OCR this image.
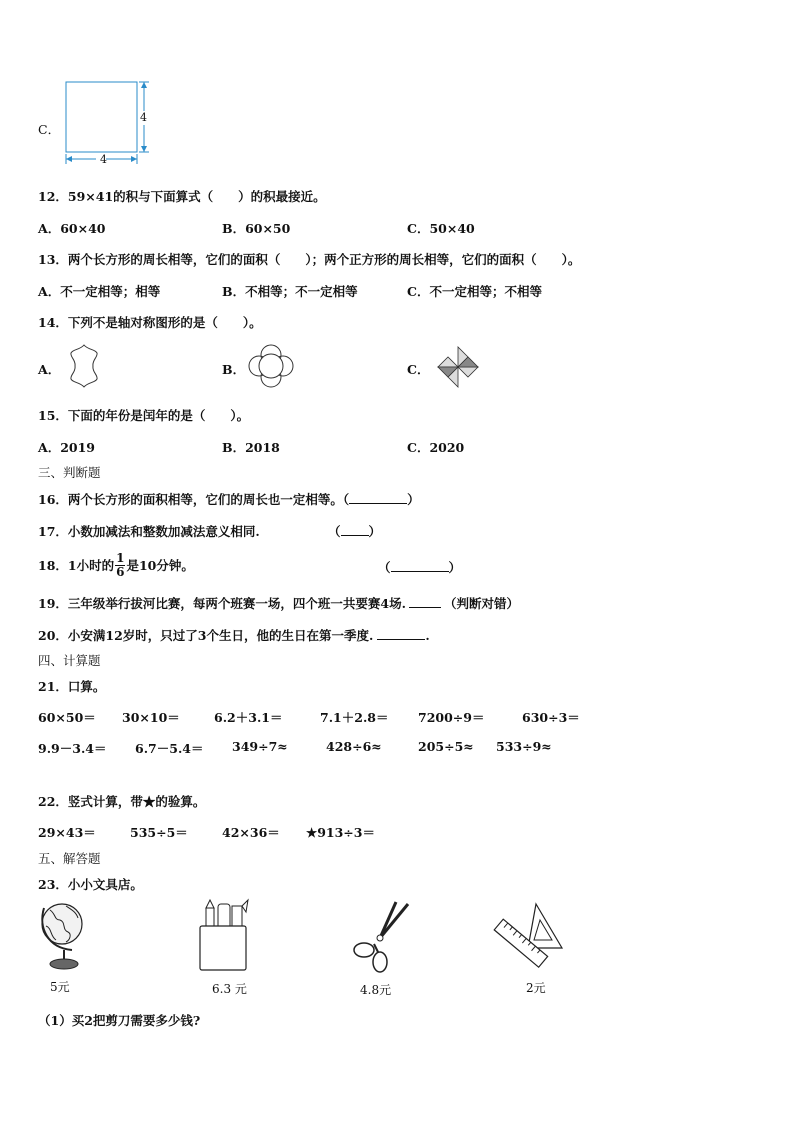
C．
4
4
12．59×41的积与下面算式（　　）的积最接近。
A．60×40	B．60×50	C．50×40
13．两个长方形的周长相等，它们的面积（　　）；两个正方形的周长相等，它们的面积（　　）。
A．不一定相等；相等	B．不相等；不一定相等	C．不一定相等；不相等
14．下列不是轴对称图形的是（　　）。
A．	B．	C．
15．下面的年份是闰年的是（　　）。
A．2019	B．2018	C．2020
三、判断题
16．两个长方形的面积相等，它们的周长也一定相等。（	）
17．小数加减法和整数加减法意义相同.	（ ）
18．1小时的 $\frac{1}{6}$ 是10分钟。	（	）
19．三年级举行拔河比赛，每两个班赛一场，四个班一共要赛4场.	（判断对错）
20．小安满12岁时，只过了3个生日，他的生日在第一季度.	.
四、计算题
21．口算。
60×50＝ 30×10＝	6.2＋3.1＝	7.1＋2.8＝ 7200÷9＝	630÷3＝
9.9－3.4＝ 6.7－5.4＝ 349÷7≈	428÷6≈	205÷5≈ 533÷9≈
22．竖式计算，带★的验算。
29×43＝	535÷5＝	42×36＝ ★913÷3＝
五、解答题
23．小小文具店。
5元	6.3 元	4.8元	2元
（1）买2把剪刀需要多少钱?
